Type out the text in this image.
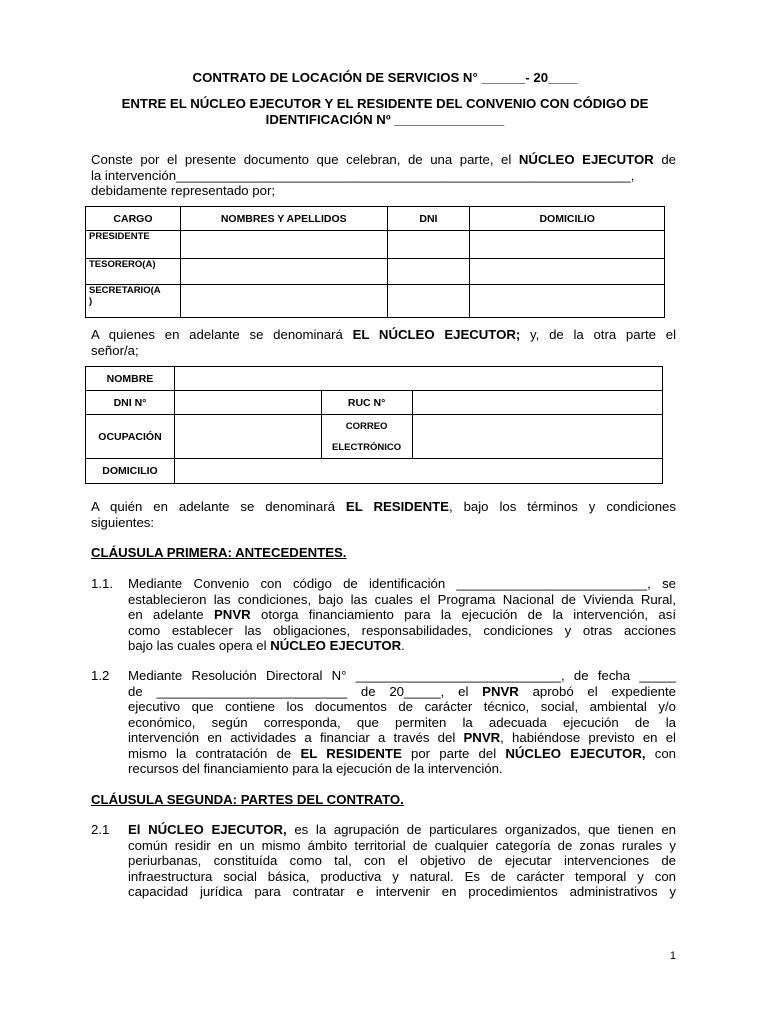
CONTRATO DE LOCACIÓN DE SERVICIOS N° ______- 20____
ENTRE EL NÚCLEO EJECUTOR Y EL RESIDENTE DEL CONVENIO CON CÓDIGO DE
IDENTIFICACIÓN Nº _______________
Conste por el presente documento que celebran, de una parte, el NÚCLEO EJECUTOR de
la intervención______________________________________________________________,
debidamente representado por;
CARGO	NOMBRES Y APELLIDOS	DNI	DOMICILIO
PRESIDENTE			
TESORERO(A)			

SECRETARIO(A
)			

A quienes en adelante se denominará EL NÚCLEO EJECUTOR; y, de la otra parte el
señor/a;
NOMBRE			
DNI N°		RUC N°	
OCUPACIÓN		CORREO
ELECTRÓNICO	

DOMICILIO			
A quién en adelante se denominará EL RESIDENTE, bajo los términos y condiciones
siguientes:
CLÁUSULA PRIMERA: ANTECEDENTES.
1.1. Mediante Convenio con código de identificación __________________________, se
establecieron las condiciones, bajo las cuales el Programa Nacional de Vivienda Rural,
en adelante PNVR otorga financiamiento para la ejecución de la intervención, así
como establecer las obligaciones, responsabilidades, condiciones y otras acciones
bajo las cuales opera el NÚCLEO EJECUTOR.
1.2 Mediante Resolución Directoral N° ____________________________, de fecha _____
de __________________________ de 20_____, el PNVR aprobó el expediente
ejecutivo que contiene los documentos de carácter técnico, social, ambiental y/o
económico, según corresponda, que permiten la adecuada ejecución de la
intervención en actividades a financiar a través del PNVR, habiéndose previsto en el
mismo la contratación de EL RESIDENTE por parte del NÚCLEO EJECUTOR, con
recursos del financiamiento para la ejecución de la intervención.
CLÁUSULA SEGUNDA: PARTES DEL CONTRATO.
2.1 El NÚCLEO EJECUTOR, es la agrupación de particulares organizados, que tienen en
común residir en un mismo ámbito territorial de cualquier categoría de zonas rurales y
periurbanas, constituída como tal, con el objetivo de ejecutar intervenciones de
infraestructura social básica, productiva y natural. Es de carácter temporal y con
capacidad jurídica para contratar e intervenir en procedimientos administrativos y
1
